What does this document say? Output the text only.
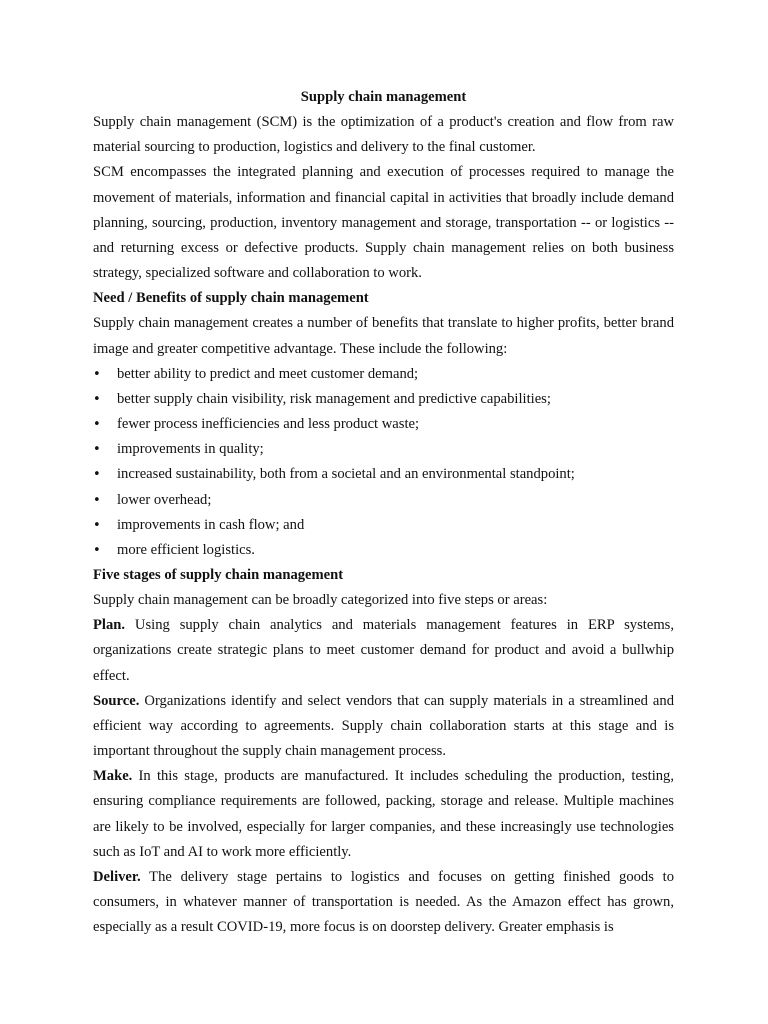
Supply chain management

Supply chain management (SCM) is the optimization of a product's creation and flow from raw material sourcing to production, logistics and delivery to the final customer.

SCM encompasses the integrated planning and execution of processes required to manage the movement of materials, information and financial capital in activities that broadly include demand planning, sourcing, production, inventory management and storage, transportation -- or logistics -- and returning excess or defective products. Supply chain management relies on both business strategy, specialized software and collaboration to work.

Need / Benefits of supply chain management

Supply chain management creates a number of benefits that translate to higher profits, better brand image and greater competitive advantage. These include the following:

• better ability to predict and meet customer demand;
• better supply chain visibility, risk management and predictive capabilities;
• fewer process inefficiencies and less product waste;
• improvements in quality;
• increased sustainability, both from a societal and an environmental standpoint;
• lower overhead;
• improvements in cash flow; and
• more efficient logistics.

Five stages of supply chain management

Supply chain management can be broadly categorized into five steps or areas:

Plan. Using supply chain analytics and materials management features in ERP systems, organizations create strategic plans to meet customer demand for product and avoid a bullwhip effect.

Source. Organizations identify and select vendors that can supply materials in a streamlined and efficient way according to agreements. Supply chain collaboration starts at this stage and is important throughout the supply chain management process.

Make. In this stage, products are manufactured. It includes scheduling the production, testing, ensuring compliance requirements are followed, packing, storage and release. Multiple machines are likely to be involved, especially for larger companies, and these increasingly use technologies such as IoT and AI to work more efficiently.

Deliver. The delivery stage pertains to logistics and focuses on getting finished goods to consumers, in whatever manner of transportation is needed. As the Amazon effect has grown, especially as a result COVID-19, more focus is on doorstep delivery. Greater emphasis is
